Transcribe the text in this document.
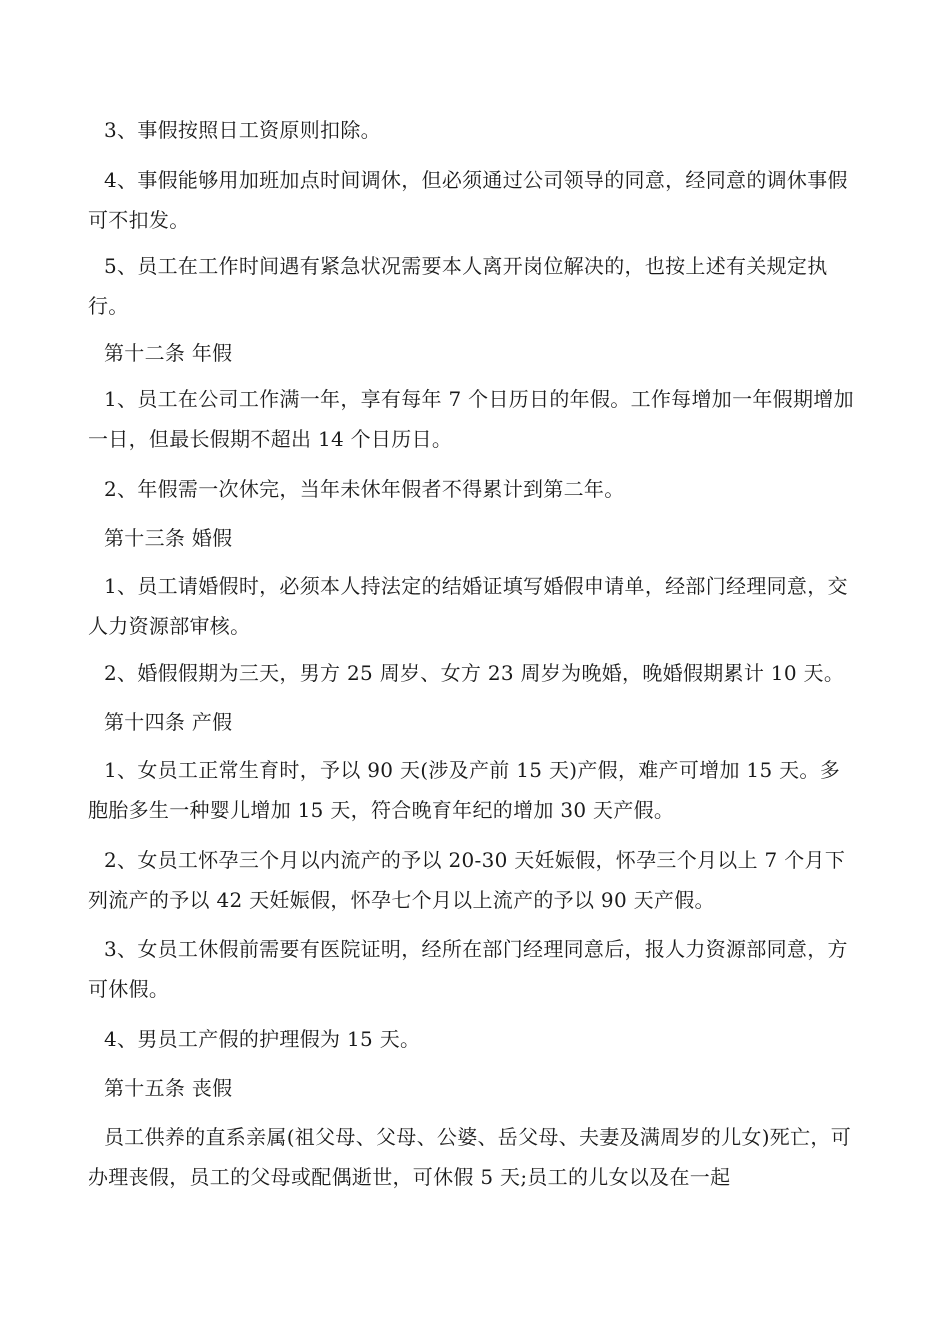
3、事假按照日工资原则扣除。

4、事假能够用加班加点时间调休，但必须通过公司领导的同意，经同意的调休事假可不扣发。

5、员工在工作时间遇有紧急状况需要本人离开岗位解决的，也按上述有关规定执行。

第十二条 年假

1、员工在公司工作满一年，享有每年 7 个日历日的年假。工作每增加一年假期增加一日，但最长假期不超出 14 个日历日。

2、年假需一次休完，当年未休年假者不得累计到第二年。

第十三条 婚假

1、员工请婚假时，必须本人持法定的结婚证填写婚假申请单，经部门经理同意，交人力资源部审核。

2、婚假假期为三天，男方 25 周岁、女方 23 周岁为晚婚，晚婚假期累计 10 天。

第十四条 产假

1、女员工正常生育时，予以 90 天(涉及产前 15 天)产假，难产可增加 15 天。多胞胎多生一种婴儿增加 15 天，符合晚育年纪的增加 30 天产假。

2、女员工怀孕三个月以内流产的予以 20-30 天妊娠假，怀孕三个月以上 7 个月下列流产的予以 42 天妊娠假，怀孕七个月以上流产的予以 90 天产假。

3、女员工休假前需要有医院证明，经所在部门经理同意后，报人力资源部同意，方可休假。

4、男员工产假的护理假为 15 天。

第十五条 丧假

员工供养的直系亲属(祖父母、父母、公婆、岳父母、夫妻及满周岁的儿女)死亡，可办理丧假，员工的父母或配偶逝世，可休假 5 天;员工的儿女以及在一起
